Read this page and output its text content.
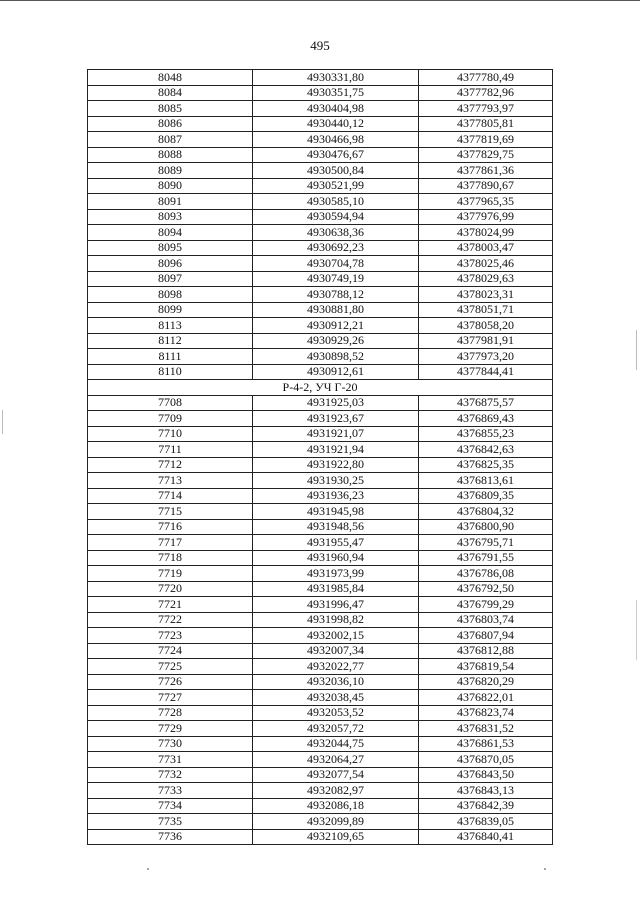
495
8048	4930331,80	4377780,49
8084	4930351,75	4377782,96
8085	4930404,98	4377793,97
8086	4930440,12	4377805,81
8087	4930466,98	4377819,69
8088	4930476,67	4377829,75
8089	4930500,84	4377861,36
8090	4930521,99	4377890,67
8091	4930585,10	4377965,35
8093	4930594,94	4377976,99
8094	4930638,36	4378024,99
8095	4930692,23	4378003,47
8096	4930704,78	4378025,46
8097	4930749,19	4378029,63
8098	4930788,12	4378023,31
8099	4930881,80	4378051,71
8113	4930912,21	4378058,20
8112	4930929,26	4377981,91
8111	4930898,52	4377973,20
8110	4930912,61	4377844,41
Р-4-2, УЧ Г-20		
7708	4931925,03	4376875,57
7709	4931923,67	4376869,43
7710	4931921,07	4376855,23
7711	4931921,94	4376842,63
7712	4931922,80	4376825,35
7713	4931930,25	4376813,61
7714	4931936,23	4376809,35
7715	4931945,98	4376804,32
7716	4931948,56	4376800,90
7717	4931955,47	4376795,71
7718	4931960,94	4376791,55
7719	4931973,99	4376786,08
7720	4931985,84	4376792,50
7721	4931996,47	4376799,29
7722	4931998,82	4376803,74
7723	4932002,15	4376807,94
7724	4932007,34	4376812,88
7725	4932022,77	4376819,54
7726	4932036,10	4376820,29
7727	4932038,45	4376822,01
7728	4932053,52	4376823,74
7729	4932057,72	4376831,52
7730	4932044,75	4376861,53
7731	4932064,27	4376870,05
7732	4932077,54	4376843,50
7733	4932082,97	4376843,13
7734	4932086,18	4376842,39
7735	4932099,89	4376839,05
7736	4932109,65	4376840,41
